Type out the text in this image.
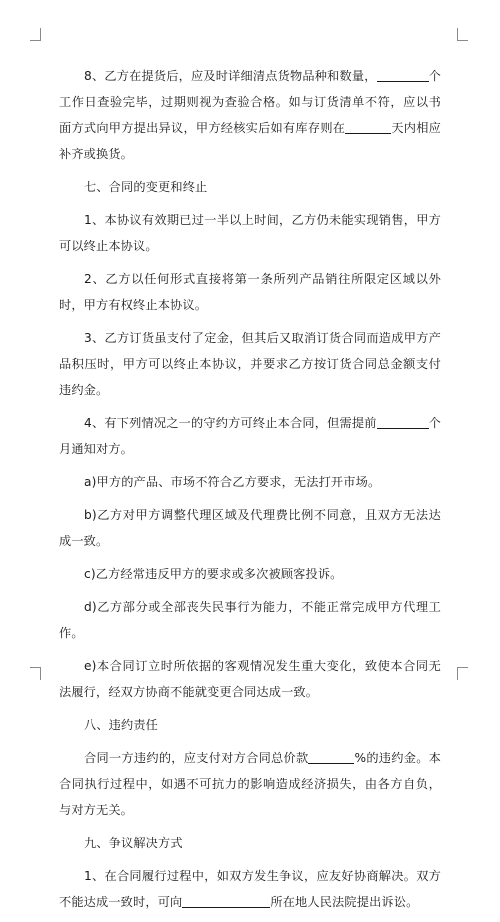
8、乙方在提货后，应及时详细清点货物品种和数量，	个工作日查验完毕，过期则视为查验合格。如与订货清单不符，应以书面方式向甲方提出异议，甲方经核实后如有库存则在	天内相应补齐或换货。

七、合同的变更和终止

1、本协议有效期已过一半以上时间，乙方仍未能实现销售，甲方可以终止本协议。

2、乙方以任何形式直接将第一条所列产品销往所限定区域以外时，甲方有权终止本协议。

3、乙方订货虽支付了定金，但其后又取消订货合同而造成甲方产品积压时，甲方可以终止本协议，并要求乙方按订货合同总金额支付违约金。

4、有下列情况之一的守约方可终止本合同，但需提前	个月通知对方。

a)甲方的产品、市场不符合乙方要求，无法打开市场。

b)乙方对甲方调整代理区域及代理费比例不同意，且双方无法达成一致。

c)乙方经常违反甲方的要求或多次被顾客投诉。

d)乙方部分或全部丧失民事行为能力，不能正常完成甲方代理工作。

e)本合同订立时所依据的客观情况发生重大变化，致使本合同无法履行，经双方协商不能就变更合同达成一致。

八、违约责任

合同一方违约的，应支付对方合同总价款	%的违约金。本合同执行过程中，如遇不可抗力的影响造成经济损失，由各方自负，与对方无关。

九、争议解决方式

1、在合同履行过程中，如双方发生争议，应友好协商解决。双方不能达成一致时，可向	所在地人民法院提出诉讼。
